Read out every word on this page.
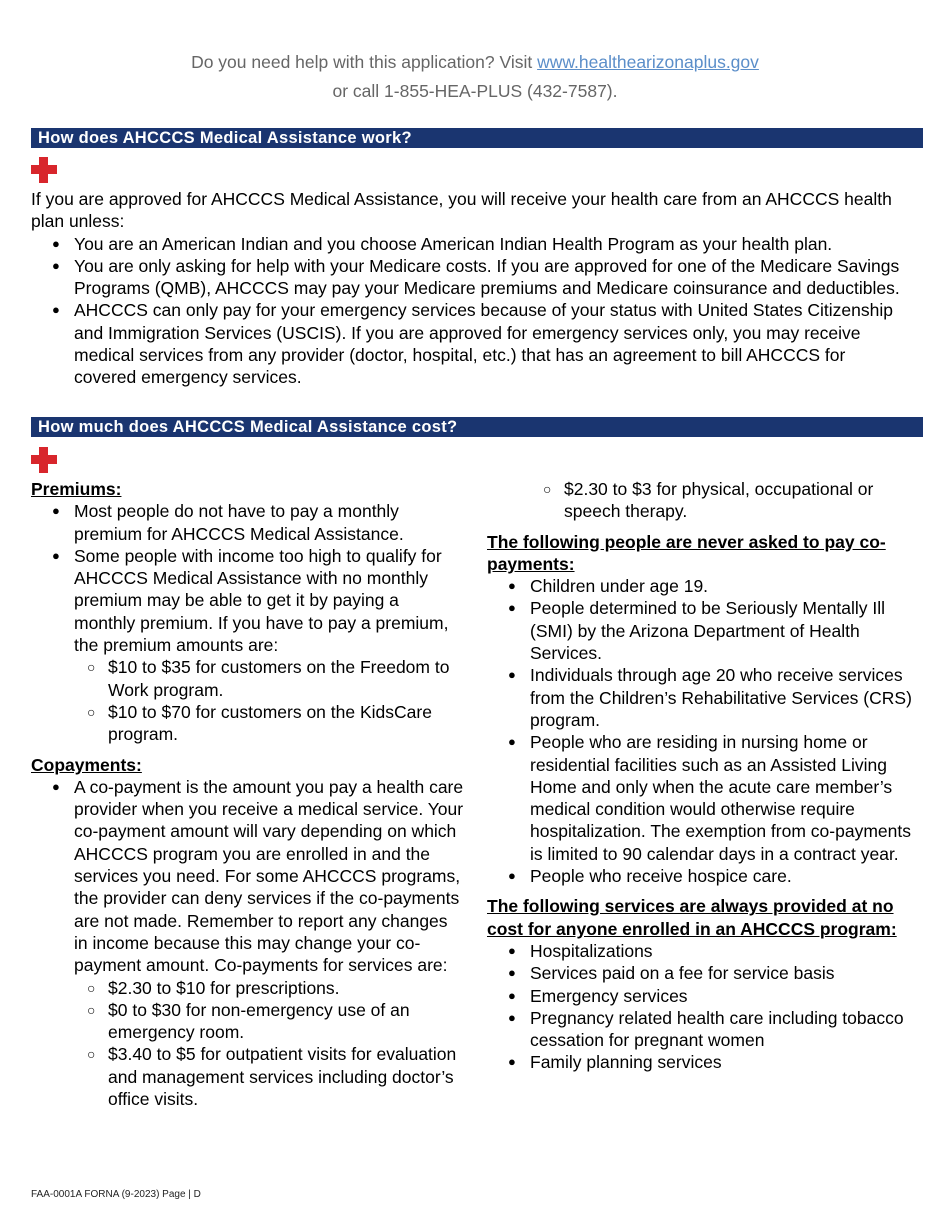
Do you need help with this application? Visit www.healthearizonaplus.gov
or call 1-855-HEA-PLUS (432-7587).
How does AHCCCS Medical Assistance work?
If you are approved for AHCCCS Medical Assistance, you will receive your health care from an AHCCCS health plan unless:
● You are an American Indian and you choose American Indian Health Program as your health plan.
● You are only asking for help with your Medicare costs. If you are approved for one of the Medicare Savings Programs (QMB), AHCCCS may pay your Medicare premiums and Medicare coinsurance and deductibles.
● AHCCCS can only pay for your emergency services because of your status with United States Citizenship and Immigration Services (USCIS). If you are approved for emergency services only, you may receive medical services from any provider (doctor, hospital, etc.) that has an agreement to bill AHCCCS for covered emergency services.
How much does AHCCCS Medical Assistance cost?
Premiums:
● Most people do not have to pay a monthly premium for AHCCCS Medical Assistance.
● Some people with income too high to qualify for AHCCCS Medical Assistance with no monthly premium may be able to get it by paying a monthly premium. If you have to pay a premium, the premium amounts are:
○ $10 to $35 for customers on the Freedom to Work program.
○ $10 to $70 for customers on the KidsCare program.
Copayments:
● A co-payment is the amount you pay a health care provider when you receive a medical service. Your co-payment amount will vary depending on which AHCCCS program you are enrolled in and the services you need. For some AHCCCS programs, the provider can deny services if the co-payments are not made. Remember to report any changes in income because this may change your co-payment amount. Co-payments for services are:
○ $2.30 to $10 for prescriptions.
○ $0 to $30 for non-emergency use of an emergency room.
○ $3.40 to $5 for outpatient visits for evaluation and management services including doctor’s office visits.
○ $2.30 to $3 for physical, occupational or speech therapy.
The following people are never asked to pay co-payments:
● Children under age 19.
● People determined to be Seriously Mentally Ill (SMI) by the Arizona Department of Health Services.
● Individuals through age 20 who receive services from the Children’s Rehabilitative Services (CRS) program.
● People who are residing in nursing home or residential facilities such as an Assisted Living Home and only when the acute care member’s medical condition would otherwise require hospitalization. The exemption from co-payments is limited to 90 calendar days in a contract year.
● People who receive hospice care.
The following services are always provided at no cost for anyone enrolled in an AHCCCS program:
● Hospitalizations
● Services paid on a fee for service basis
● Emergency services
● Pregnancy related health care including tobacco cessation for pregnant women
● Family planning services
FAA-0001A FORNA (9-2023) Page | D
